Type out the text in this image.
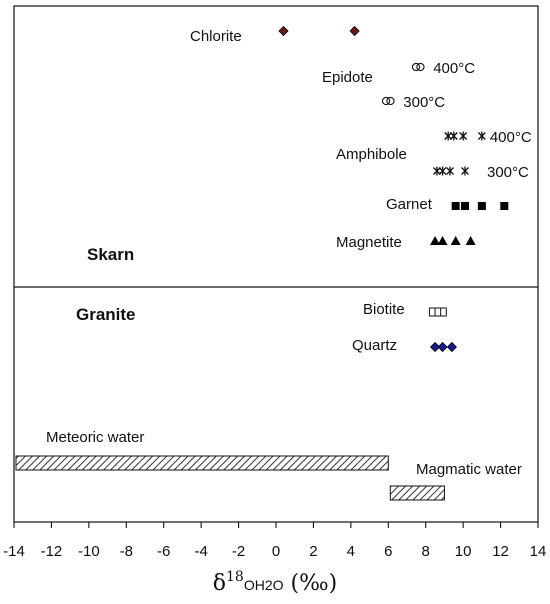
-14 -12 -10 -8 -6 -4 -2 0 2 4 6 8 10 12 14
Skarn
Chlorite
400°C
Epidote
300°C
400°C
Amphibole
300°C
Garnet
Magnetite
Granite	Biotite
Quartz
Meteoric water
Magmatic water
$\delta^{18}_{OH2O}$ (‰)
